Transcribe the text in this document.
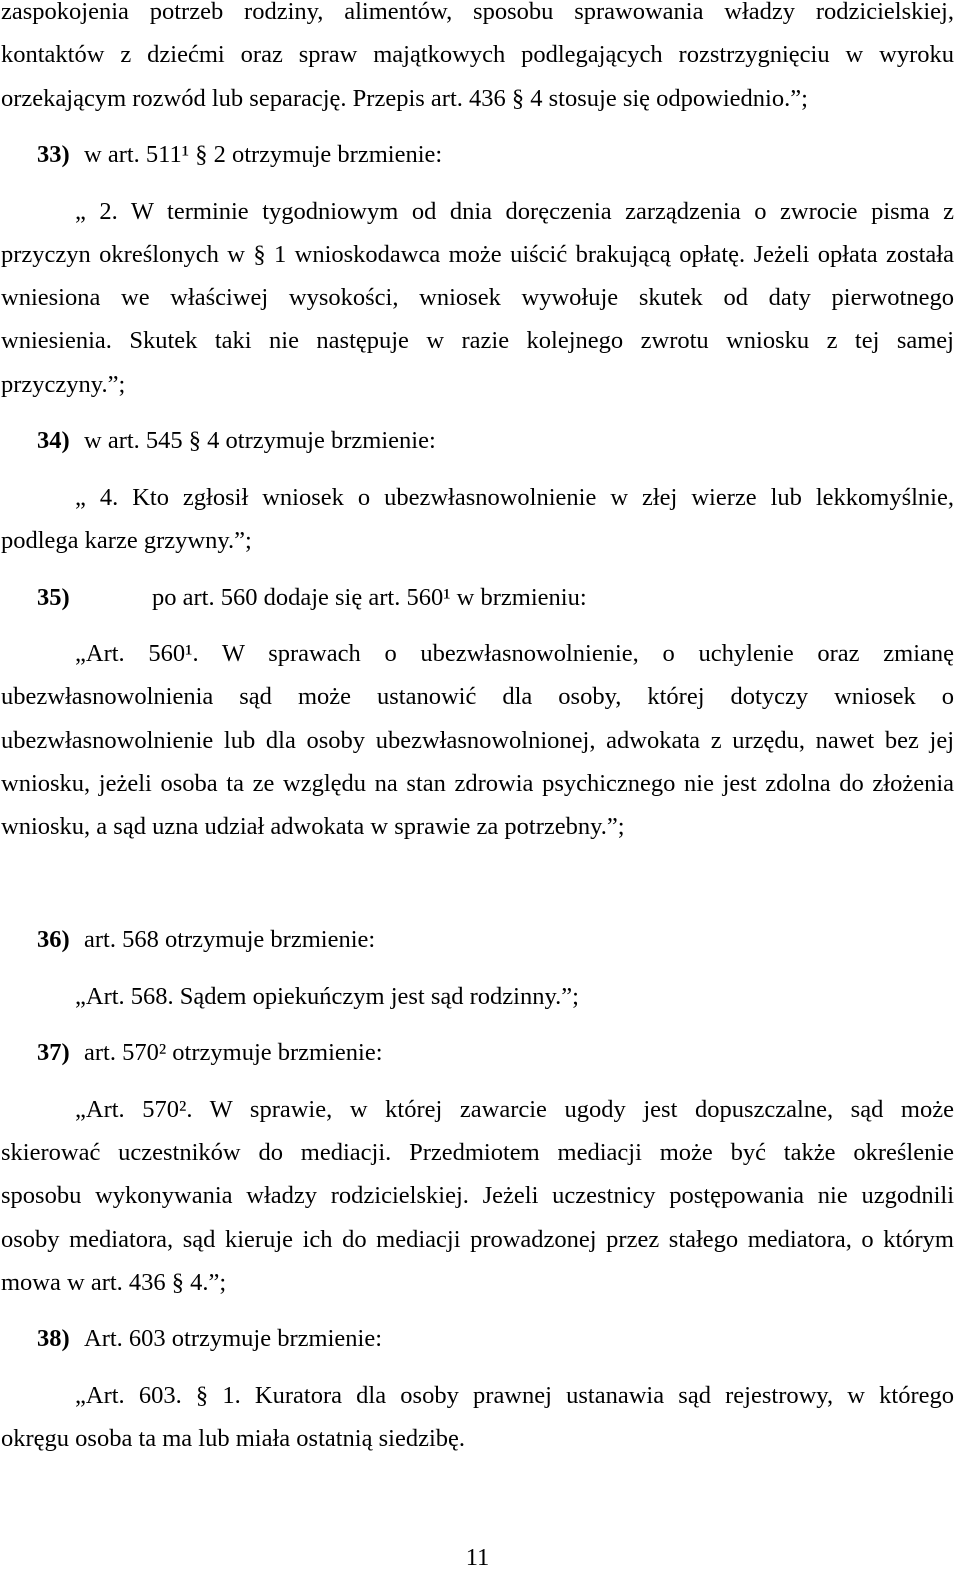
zaspokojenia potrzeb rodziny, alimentów, sposobu sprawowania władzy rodzicielskiej,
kontaktów z dziećmi oraz spraw majątkowych podlegających rozstrzygnięciu w wyroku
orzekającym rozwód lub separację. Przepis art. 436 § 4 stosuje się odpowiednio.”;
33) w art. 511¹ § 2 otrzymuje brzmienie:
„ 2. W terminie tygodniowym od dnia doręczenia zarządzenia o zwrocie pisma z
przyczyn określonych w § 1 wnioskodawca może uiścić brakującą opłatę. Jeżeli opłata została
wniesiona we właściwej wysokości, wniosek wywołuje skutek od daty pierwotnego
wniesienia. Skutek taki nie następuje w razie kolejnego zwrotu wniosku z tej samej
przyczyny.”;
34) w art. 545 § 4 otrzymuje brzmienie:
„ 4. Kto zgłosił wniosek o ubezwłasnowolnienie w złej wierze lub lekkomyślnie,
podlega karze grzywny.”;
35)	po art. 560 dodaje się art. 560¹ w brzmieniu:
„Art. 560¹. W sprawach o ubezwłasnowolnienie, o uchylenie oraz zmianę
ubezwłasnowolnienia sąd może ustanowić dla osoby, której dotyczy wniosek o
ubezwłasnowolnienie lub dla osoby ubezwłasnowolnionej, adwokata z urzędu, nawet bez jej
wniosku, jeżeli osoba ta ze względu na stan zdrowia psychicznego nie jest zdolna do złożenia
wniosku, a sąd uzna udział adwokata w sprawie za potrzebny.”;
36) art. 568 otrzymuje brzmienie:
„Art. 568. Sądem opiekuńczym jest sąd rodzinny.”;
37) art. 570² otrzymuje brzmienie:
„Art. 570². W sprawie, w której zawarcie ugody jest dopuszczalne, sąd może
skierować uczestników do mediacji. Przedmiotem mediacji może być także określenie
sposobu wykonywania władzy rodzicielskiej. Jeżeli uczestnicy postępowania nie uzgodnili
osoby mediatora, sąd kieruje ich do mediacji prowadzonej przez stałego mediatora, o którym
mowa w art. 436 § 4.”;
38) Art. 603 otrzymuje brzmienie:
„Art. 603. § 1. Kuratora dla osoby prawnej ustanawia sąd rejestrowy, w którego
okręgu osoba ta ma lub miała ostatnią siedzibę.
11
